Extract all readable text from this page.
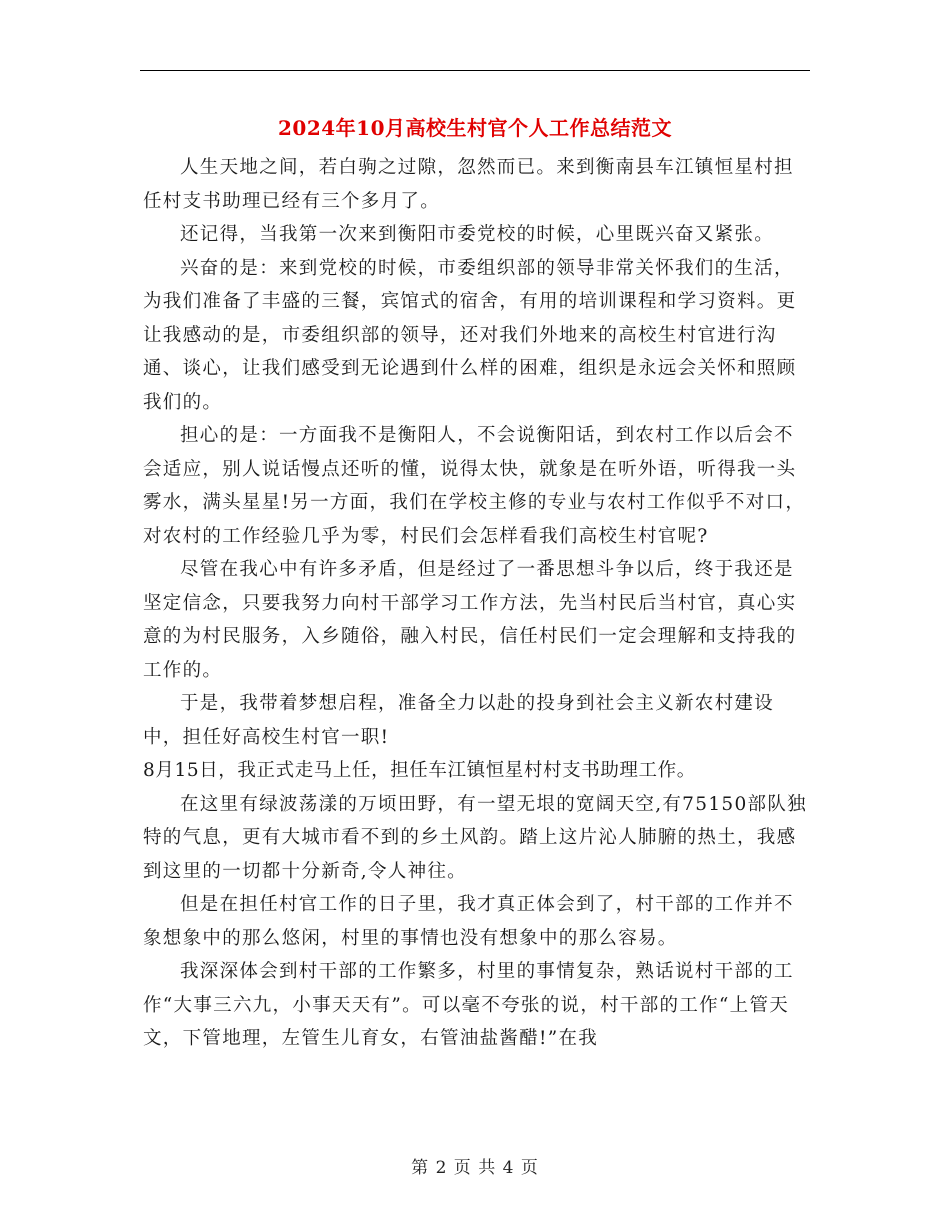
2024年10月高校生村官个人工作总结范文

人生天地之间，若白驹之过隙，忽然而已。来到衡南县车江镇恒星村担任村支书助理已经有三个多月了。

还记得，当我第一次来到衡阳市委党校的时候，心里既兴奋又紧张。

兴奋的是：来到党校的时候，市委组织部的领导非常关怀我们的生活，为我们准备了丰盛的三餐，宾馆式的宿舍，有用的培训课程和学习资料。更让我感动的是，市委组织部的领导，还对我们外地来的高校生村官进行沟通、谈心，让我们感受到无论遇到什么样的困难，组织是永远会关怀和照顾我们的。

担心的是：一方面我不是衡阳人，不会说衡阳话，到农村工作以后会不会适应，别人说话慢点还听的懂，说得太快，就象是在听外语，听得我一头雾水，满头星星!另一方面，我们在学校主修的专业与农村工作似乎不对口，对农村的工作经验几乎为零，村民们会怎样看我们高校生村官呢?

尽管在我心中有许多矛盾，但是经过了一番思想斗争以后，终于我还是坚定信念，只要我努力向村干部学习工作方法，先当村民后当村官，真心实意的为村民服务，入乡随俗，融入村民，信任村民们一定会理解和支持我的工作的。

于是，我带着梦想启程，准备全力以赴的投身到社会主义新农村建设中，担任好高校生村官一职!

8月15日，我正式走马上任，担任车江镇恒星村村支书助理工作。

在这里有绿波荡漾的万顷田野，有一望无垠的宽阔天空,有75150部队独特的气息，更有大城市看不到的乡土风韵。踏上这片沁人肺腑的热土，我感到这里的一切都十分新奇,令人神往。

但是在担任村官工作的日子里，我才真正体会到了，村干部的工作并不象想象中的那么悠闲，村里的事情也没有想象中的那么容易。

我深深体会到村干部的工作繁多，村里的事情复杂，熟话说村干部的工作“大事三六九，小事天天有”。可以毫不夸张的说，村干部的工作“上管天文，下管地理，左管生儿育女，右管油盐酱醋!”在我

第 2 页 共 4 页
